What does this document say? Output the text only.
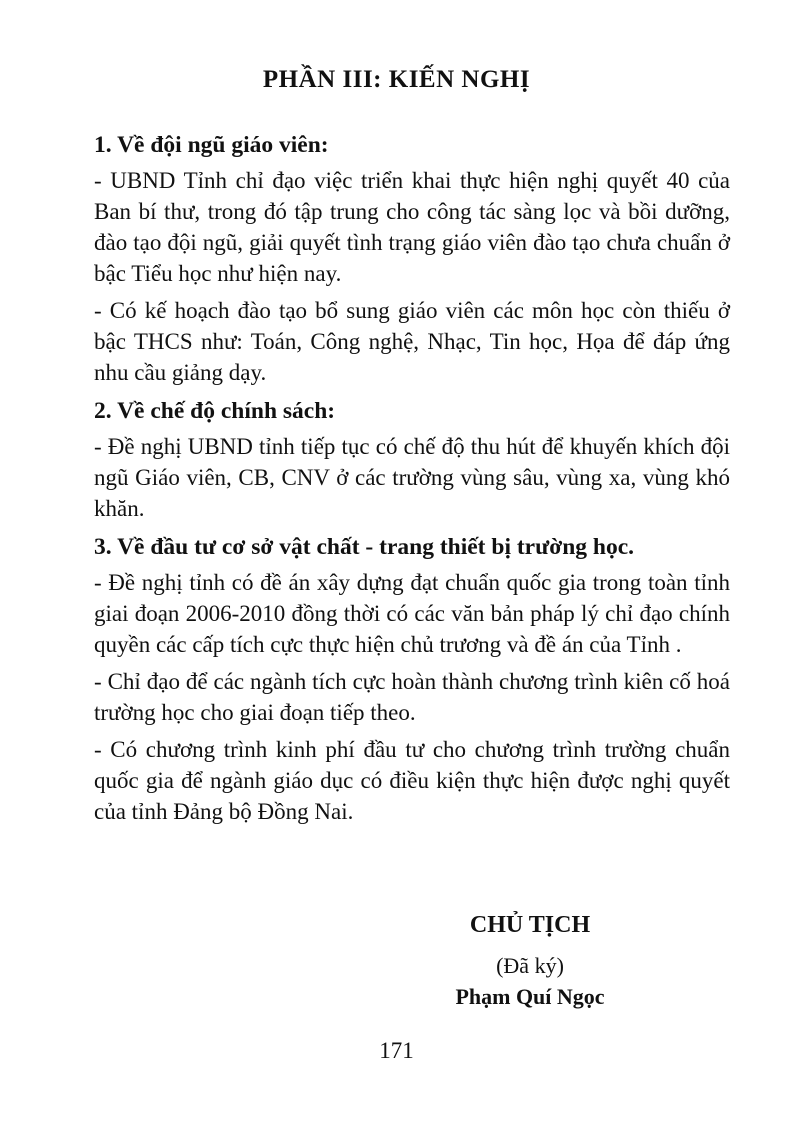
PHẦN III: KIẾN NGHỊ
1. Về đội ngũ giáo viên:

- UBND Tỉnh chỉ đạo việc triển khai thực hiện nghị quyết 40 của Ban bí thư, trong đó tập trung cho công tác sàng lọc và bồi dưỡng, đào tạo đội ngũ, giải quyết tình trạng giáo viên đào tạo chưa chuẩn ở bậc Tiểu học như hiện nay.

- Có kế hoạch đào tạo bổ sung giáo viên các môn học còn thiếu ở bậc THCS như: Toán, Công nghệ, Nhạc, Tin học, Họa để đáp ứng nhu cầu giảng dạy.

2. Về chế độ chính sách:

- Đề nghị UBND tỉnh tiếp tục có chế độ thu hút để khuyến khích đội ngũ Giáo viên, CB, CNV ở các trường vùng sâu, vùng xa, vùng khó khăn.

3. Về đầu tư cơ sở vật chất - trang thiết bị trường học.

- Đề nghị tỉnh có đề án xây dựng đạt chuẩn quốc gia trong toàn tỉnh giai đoạn 2006-2010 đồng thời có các văn bản pháp lý chỉ đạo chính quyền các cấp tích cực thực hiện chủ trương và đề án của Tỉnh .

- Chỉ đạo để các ngành tích cực hoàn thành chương trình kiên cố hoá trường học cho giai đoạn tiếp theo.

- Có chương trình kinh phí đầu tư cho chương trình trường chuẩn quốc gia để ngành giáo dục có điều kiện thực hiện được nghị quyết của tỉnh Đảng bộ Đồng Nai.

CHỦ TỊCH
(Đã ký)
Phạm Quí Ngọc
171
